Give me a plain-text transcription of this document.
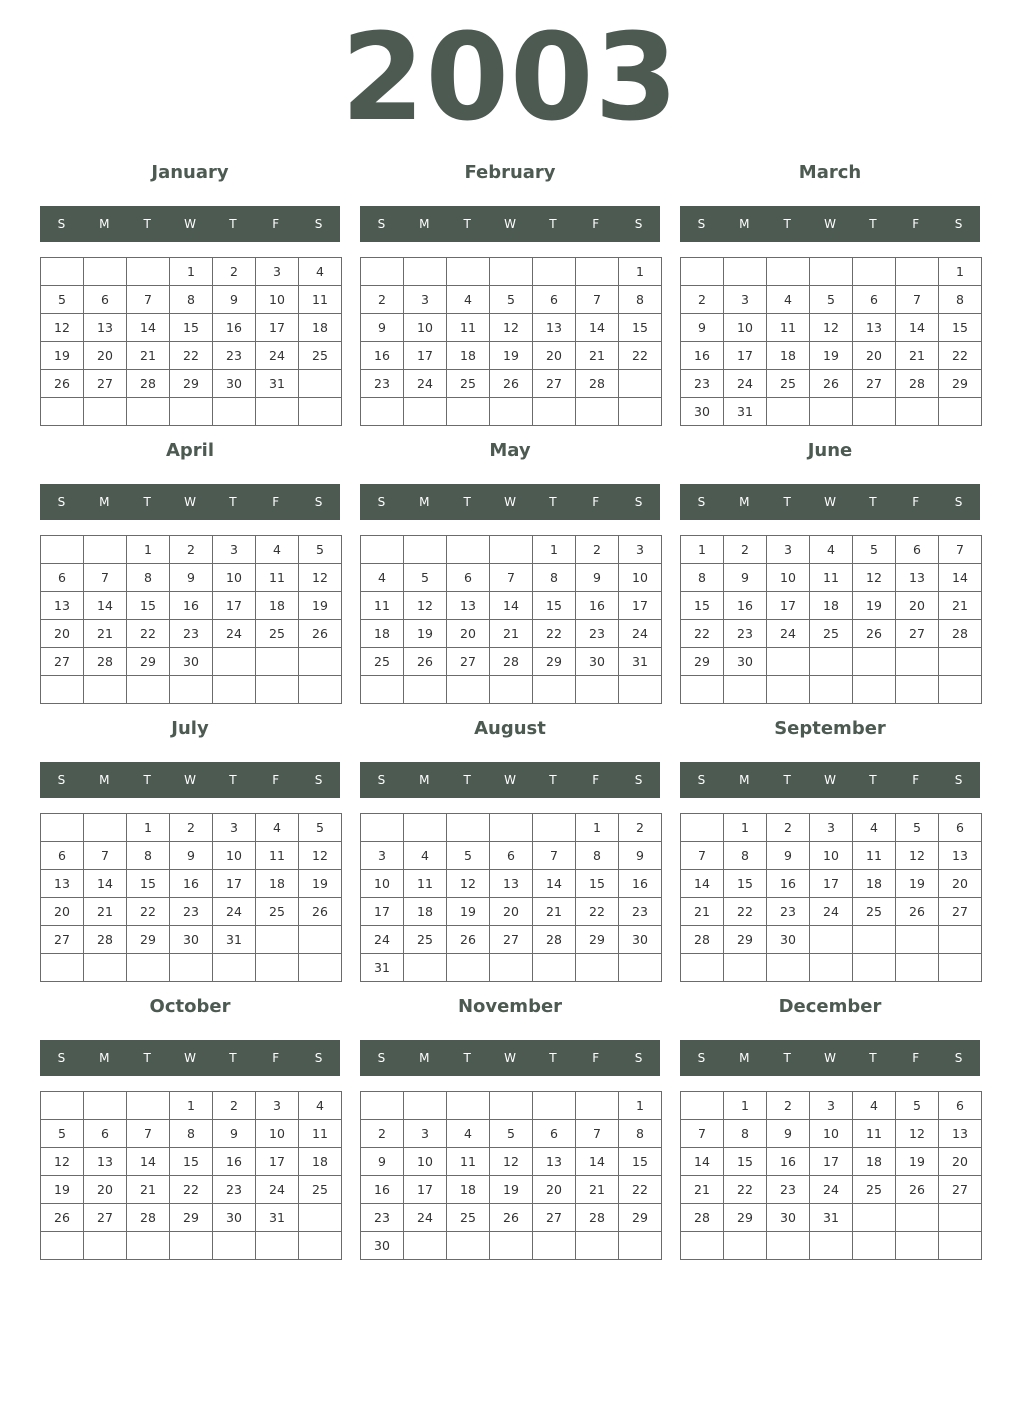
2003
January
S	M	T	W	T	F	S
			1	2	3	4
5	6	7	8	9	10	11
12	13	14	15	16	17	18
19	20	21	22	23	24	25
26	27	28	29	30	31	

February
S	M	T	W	T	F	S
						1
2	3	4	5	6	7	8
9	10	11	12	13	14	15
16	17	18	19	20	21	22
23	24	25	26	27	28	

March
S	M	T	W	T	F	S
						1
2	3	4	5	6	7	8
9	10	11	12	13	14	15
16	17	18	19	20	21	22
23	24	25	26	27	28	29
30	31					
April
S	M	T	W	T	F	S
		1	2	3	4	5
6	7	8	9	10	11	12
13	14	15	16	17	18	19
20	21	22	23	24	25	26
27	28	29	30			

May
S	M	T	W	T	F	S
				1	2	3
4	5	6	7	8	9	10
11	12	13	14	15	16	17
18	19	20	21	22	23	24
25	26	27	28	29	30	31

June
S	M	T	W	T	F	S
1	2	3	4	5	6	7
8	9	10	11	12	13	14
15	16	17	18	19	20	21
22	23	24	25	26	27	28
29	30					

July
S	M	T	W	T	F	S
		1	2	3	4	5
6	7	8	9	10	11	12
13	14	15	16	17	18	19
20	21	22	23	24	25	26
27	28	29	30	31		

August
S	M	T	W	T	F	S
					1	2
3	4	5	6	7	8	9
10	11	12	13	14	15	16
17	18	19	20	21	22	23
24	25	26	27	28	29	30
31						
September
S	M	T	W	T	F	S
	1	2	3	4	5	6
7	8	9	10	11	12	13
14	15	16	17	18	19	20
21	22	23	24	25	26	27
28	29	30				

October
S	M	T	W	T	F	S
			1	2	3	4
5	6	7	8	9	10	11
12	13	14	15	16	17	18
19	20	21	22	23	24	25
26	27	28	29	30	31	

November
S	M	T	W	T	F	S
						1
2	3	4	5	6	7	8
9	10	11	12	13	14	15
16	17	18	19	20	21	22
23	24	25	26	27	28	29
30						
December
S	M	T	W	T	F	S
	1	2	3	4	5	6
7	8	9	10	11	12	13
14	15	16	17	18	19	20
21	22	23	24	25	26	27
28	29	30	31			
